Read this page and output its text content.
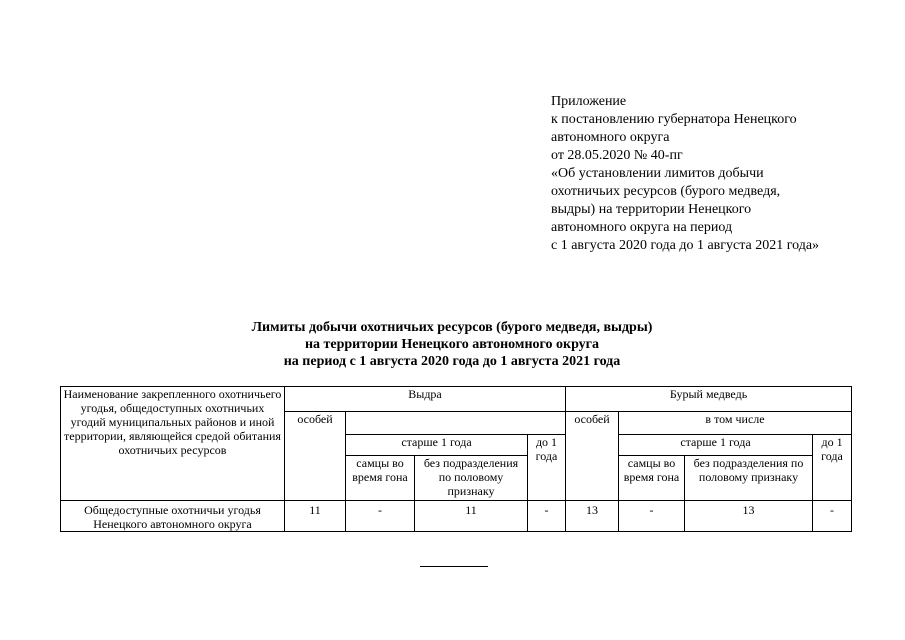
Приложение
к постановлению губернатора Ненецкого
автономного округа
от 28.05.2020 № 40-пг
«Об установлении лимитов добычи
охотничьих ресурсов (бурого медведя,
выдры) на территории Ненецкого
автономного округа на период
с 1 августа 2020 года до 1 августа 2021 года»
Лимиты добычи охотничьих ресурсов (бурого медведя, выдры)
на территории Ненецкого автономного округа
на период с 1 августа 2020 года до 1 августа 2021 года
Наименование закрепленного охотничьего угодья, общедоступных охотничьих угодий муниципальных районов и иной территории, являющейся средой обитания охотничьих ресурсов	Выдра				Бурый медведь			
	особей				особей	в том числе		
		старше 1 года		до 1 года		старше 1 года		до 1 года
		самцы во время гона	без подразделения по половому признаку			самцы во время гона	без подразделения по половому признаку	
Общедоступные охотничьи угодья Ненецкого автономного округа	11	-	11	-	13	-	13	-
